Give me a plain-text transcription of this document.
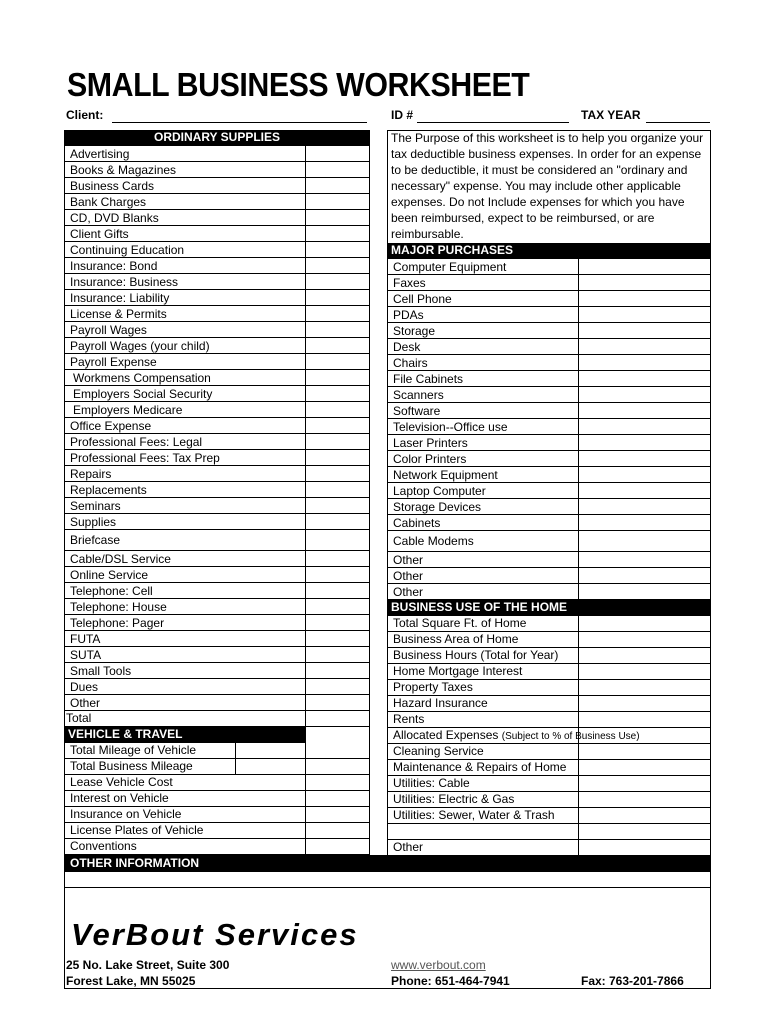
SMALL BUSINESS WORKSHEET
Client:	ID #	TAX YEAR
ORDINARY SUPPLIES
Advertising
Books & Magazines
Business Cards
Bank Charges
CD, DVD Blanks
Client Gifts
Continuing Education
Insurance: Bond
Insurance: Business
Insurance: Liability
License & Permits
Payroll Wages
Payroll Wages (your child)
Payroll Expense
Workmens Compensation
Employers Social Security
Employers Medicare
Office Expense
Professional Fees: Legal
Professional Fees: Tax Prep
Repairs
Replacements
Seminars
Supplies
Briefcase
Cable/DSL Service
Online Service
Telephone: Cell
Telephone: House
Telephone: Pager
FUTA
SUTA
Small Tools
Dues
Other
Total
VEHICLE & TRAVEL
Total Mileage of Vehicle
Total Business Mileage
Lease Vehicle Cost
Interest on Vehicle
Insurance on Vehicle
License Plates of Vehicle
Conventions
MAJOR PURCHASES
Computer Equipment
Faxes
Cell Phone
PDAs
Storage
Desk
Chairs
File Cabinets
Scanners
Software
Television--Office use
Laser Printers
Color Printers
Network Equipment
Laptop Computer
Storage Devices
Cabinets
Cable Modems
Other
Other
Other
BUSINESS USE OF THE HOME
Total Square Ft. of Home
Business Area of Home
Business Hours (Total for Year)
Home Mortgage Interest
Property Taxes
Hazard Insurance
Rents
Allocated Expenses (Subject to % of Business Use)
Cleaning Service
Maintenance & Repairs of Home
Utilities: Cable
Utilities: Electric & Gas
Utilities: Sewer, Water & Trash
Other
The Purpose of this worksheet is to help you organize your tax deductible business expenses. In order for an expense to be deductible, it must be considered an "ordinary and necessary" expense. You may include other applicable expenses. Do not Include expenses for which you have been reimbursed, expect to be reimbursed, or are reimbursable.
OTHER INFORMATION
VerBout Services
25 No. Lake Street, Suite 300
Forest Lake, MN 55025
www.verbout.com
Phone: 651-464-7941	Fax: 763-201-7866
